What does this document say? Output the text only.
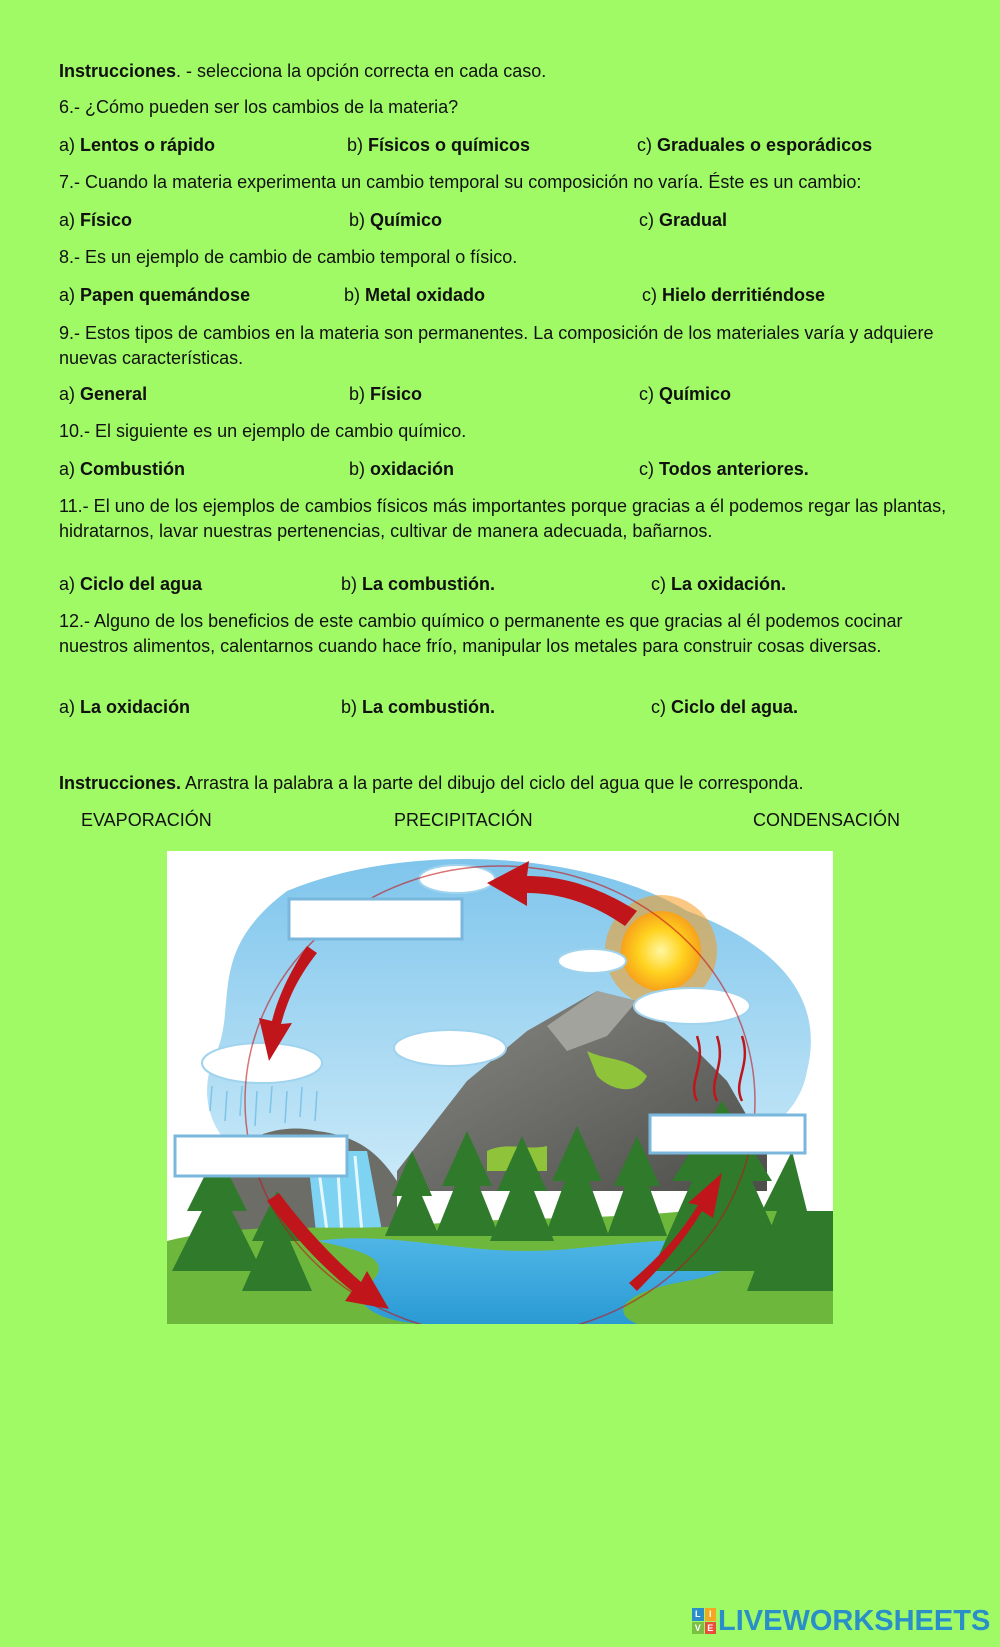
Instrucciones. - selecciona la opción correcta en cada caso.
6.- ¿Cómo pueden ser los cambios de la materia?
a) Lentos o rápido	b) Físicos o químicos	c) Graduales o esporádicos
7.- Cuando la materia experimenta un cambio temporal su composición no varía. Éste es un cambio:
a) Físico	b) Químico	c) Gradual
8.- Es un ejemplo de cambio de cambio temporal o físico.
a) Papen quemándose	b) Metal oxidado	c) Hielo derritiéndose
9.- Estos tipos de cambios en la materia son permanentes. La composición de los materiales varía y adquiere nuevas características.
a) General	b) Físico	c) Químico
10.- El siguiente es un ejemplo de cambio químico.
a) Combustión	b) oxidación	c) Todos anteriores.
11.- El uno de los ejemplos de cambios físicos más importantes porque gracias a él podemos regar las plantas, hidratarnos, lavar nuestras pertenencias, cultivar de manera adecuada, bañarnos.
a) Ciclo del agua	b) La combustión.	c) La oxidación.
12.- Alguno de los beneficios de este cambio químico o permanente es que gracias al él podemos cocinar nuestros alimentos, calentarnos cuando hace frío, manipular los metales para construir cosas diversas.
a) La oxidación	b) La combustión.	c) Ciclo del agua.
Instrucciones. Arrastra la palabra a la parte del dibujo del ciclo del agua que le corresponda.
EVAPORACIÓN	PRECIPITACIÓN	CONDENSACIÓN
L I
V E LIVEWORKSHEETS
